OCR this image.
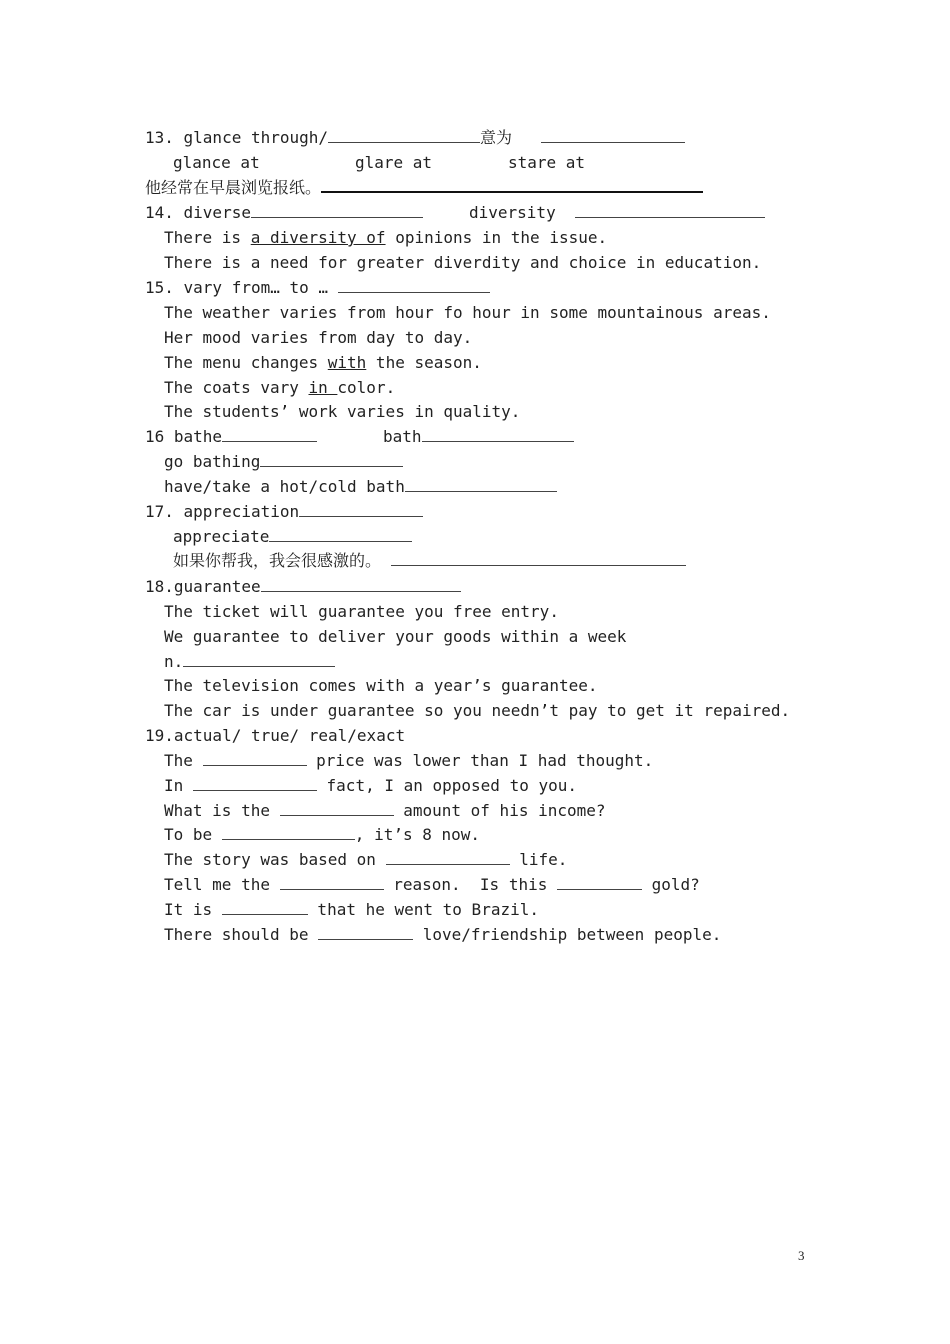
13. glance through/	意为
glance at	glare at	stare at
他经常在早晨浏览报纸。
14. diverse	diversity
There is a diversity of opinions in the issue.
There is a need for greater diverdity and choice in education.
15. vary from… to …
The weather varies from hour fo hour in some mountainous areas.
Her mood varies from day to day.
The menu changes with the season.
The coats vary in color.
The students’ work varies in quality.
16 bathe	bath
go bathing
have/take a hot/cold bath
17. appreciation
appreciate
如果你帮我，我会很感激的。
18.guarantee
The ticket will guarantee you free entry.
We guarantee to deliver your goods within a week
n.
The television comes with a year’s guarantee.
The car is under guarantee so you needn’t pay to get it repaired.
19.actual/ true/ real/exact
The	price was lower than I had thought.
In	fact, I an opposed to you.
What is the	amount of his income?
To be	, it’s 8 now.
The story was based on	life.
Tell me the	reason.  Is this	gold?
It is	that he went to Brazil.
There should be	love/friendship between people.
3
